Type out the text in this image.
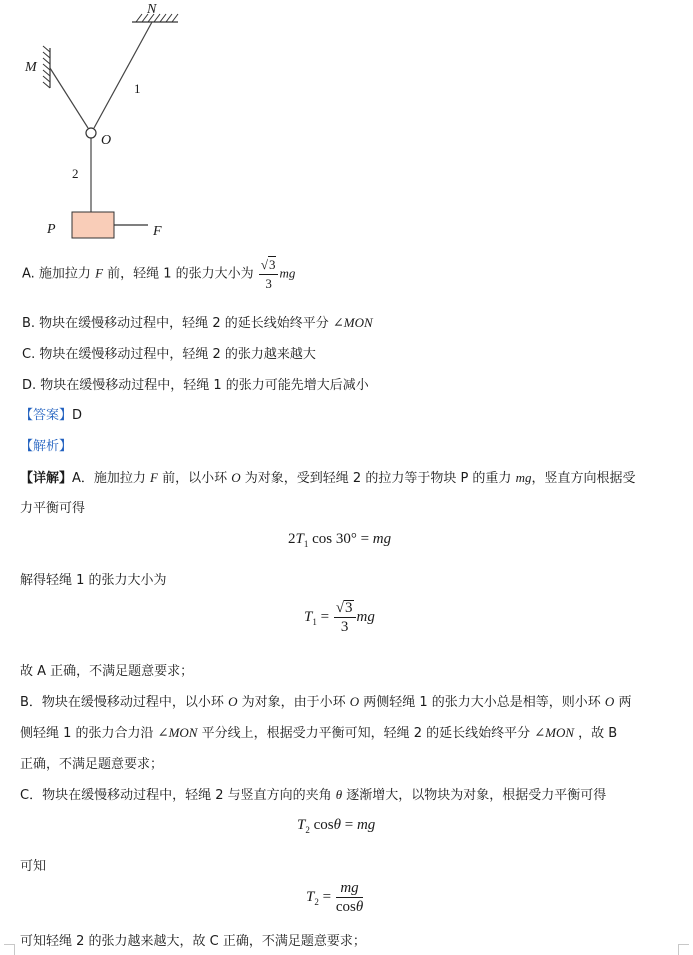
N
M
1
O
2
P	F
A. 施加拉力 F 前，轻绳 1 的张力大小为 $\frac{√3}{3}$ mg
B. 物块在缓慢移动过程中，轻绳 2 的延长线始终平分 ∠MON
C. 物块在缓慢移动过程中，轻绳 2 的张力越来越大
D. 物块在缓慢移动过程中，轻绳 1 的张力可能先增大后减小
【答案】D
【解析】
【详解】A．施加拉力 F 前，以小环 O 为对象，受到轻绳 2 的拉力等于物块 P 的重力 mg，竖直方向根据受
力平衡可得
$2T_1$ cos 30° = mg
解得轻绳 1 的张力大小为
$T_1 = \frac{√3}{3}$ mg
故 A 正确，不满足题意要求；
B．物块在缓慢移动过程中，以小环 O 为对象，由于小环 O 两侧轻绳 1 的张力大小总是相等，则小环 O 两
侧轻绳 1 的张力合力沿 ∠MON 平分线上，根据受力平衡可知，轻绳 2 的延长线始终平分 ∠MON ，故 B
正确，不满足题意要求；
C．物块在缓慢移动过程中，轻绳 2 与竖直方向的夹角 θ 逐渐增大，以物块为对象，根据受力平衡可得
$T_2$ cosθ = mg
可知
$T_2 = \frac{mg}{\cos\theta}$
可知轻绳 2 的张力越来越大，故 C 正确，不满足题意要求；
